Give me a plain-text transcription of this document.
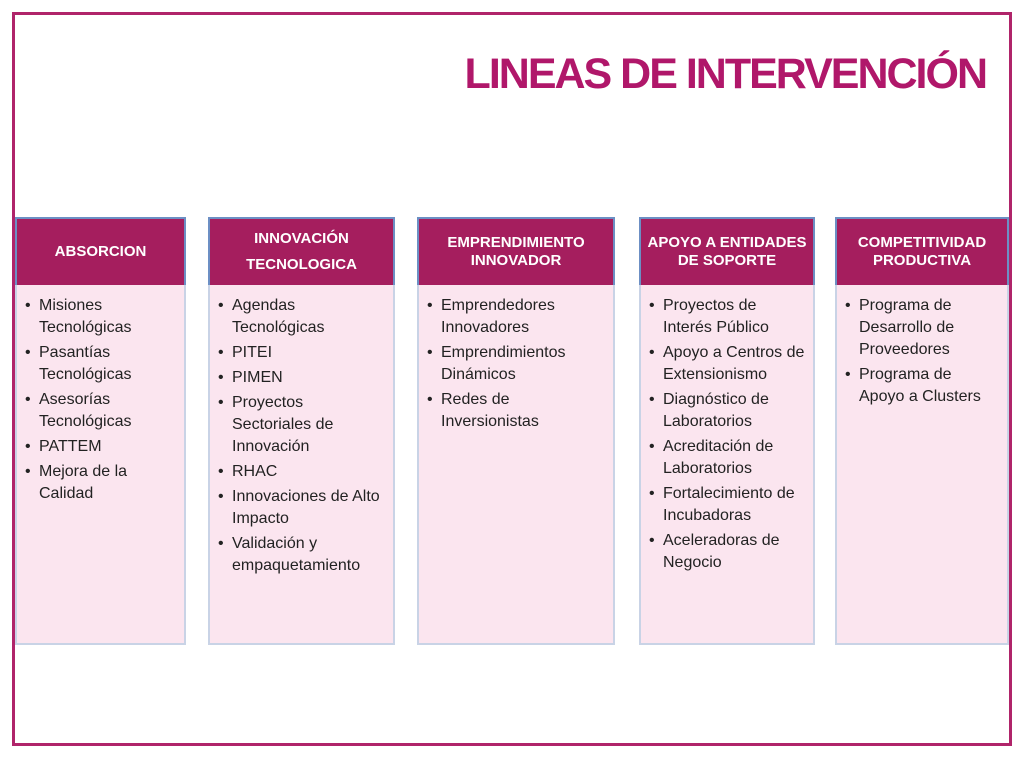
LINEAS DE INTERVENCIÓN
ABSORCION
• Misiones Tecnológicas
• Pasantías Tecnológicas
• Asesorías Tecnológicas
• PATTEM
• Mejora de la Calidad
INNOVACIÓN
TECNOLOGICA
• Agendas Tecnológicas
• PITEI
• PIMEN
• Proyectos Sectoriales de Innovación
• RHAC
• Innovaciones de Alto Impacto
• Validación y empaquetamiento
EMPRENDIMIENTO INNOVADOR
• Emprendedores Innovadores
• Emprendimientos Dinámicos
• Redes de Inversionistas
APOYO A ENTIDADES DE SOPORTE
• Proyectos de Interés Público
• Apoyo a Centros de Extensionismo
• Diagnóstico de Laboratorios
• Acreditación de Laboratorios
• Fortalecimiento de Incubadoras
• Aceleradoras de Negocio
COMPETITIVIDAD PRODUCTIVA
• Programa de Desarrollo de Proveedores
• Programa de Apoyo a Clusters
